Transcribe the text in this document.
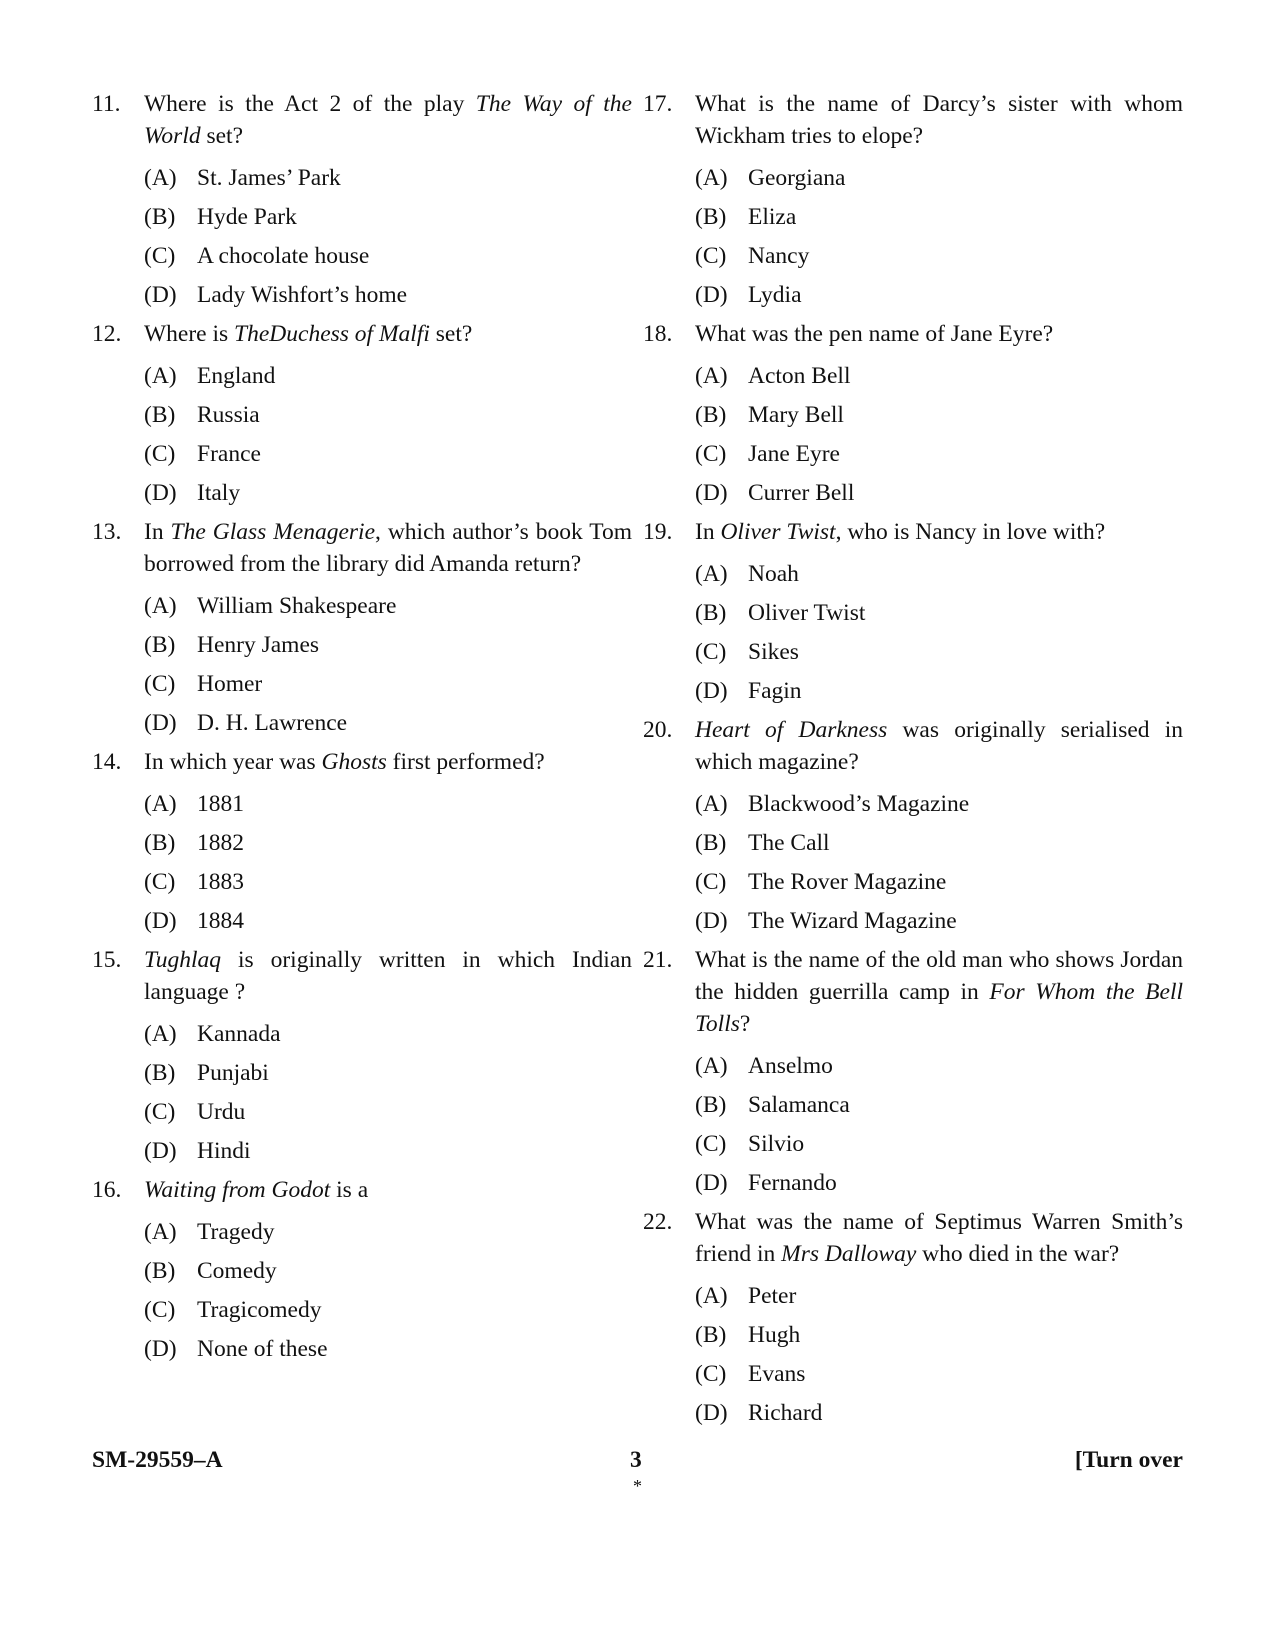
11. Where is the Act 2 of the play The Way of the World set?
(A) St. James’ Park
(B) Hyde Park
(C) A chocolate house
(D) Lady Wishfort’s home
12. Where is TheDuchess of Malfi set?
(A) England
(B) Russia
(C) France
(D) Italy
13. In The Glass Menagerie, which author’s book Tom borrowed from the library did Amanda return?
(A) William Shakespeare
(B) Henry James
(C) Homer
(D) D. H. Lawrence
14. In which year was Ghosts first performed?
(A) 1881
(B) 1882
(C) 1883
(D) 1884
15. Tughlaq is originally written in which Indian language ?
(A) Kannada
(B) Punjabi
(C) Urdu
(D) Hindi
16. Waiting from Godot is a
(A) Tragedy
(B) Comedy
(C) Tragicomedy
(D) None of these
17. What is the name of Darcy’s sister with whom Wickham tries to elope?
(A) Georgiana
(B) Eliza
(C) Nancy
(D) Lydia
18. What was the pen name of Jane Eyre?
(A) Acton Bell
(B) Mary Bell
(C) Jane Eyre
(D) Currer Bell
19. In Oliver Twist, who is Nancy in love with?
(A) Noah
(B) Oliver Twist
(C) Sikes
(D) Fagin
20. Heart of Darkness was originally serialised in which magazine?
(A) Blackwood’s Magazine
(B) The Call
(C) The Rover Magazine
(D) The Wizard Magazine
21. What is the name of the old man who shows Jordan the hidden guerrilla camp in For Whom the Bell Tolls?
(A) Anselmo
(B) Salamanca
(C) Silvio
(D) Fernando
22. What was the name of Septimus Warren Smith’s friend in Mrs Dalloway who died in the war?
(A) Peter
(B) Hugh
(C) Evans
(D) Richard
SM-29559–A	3
*
[Turn over
